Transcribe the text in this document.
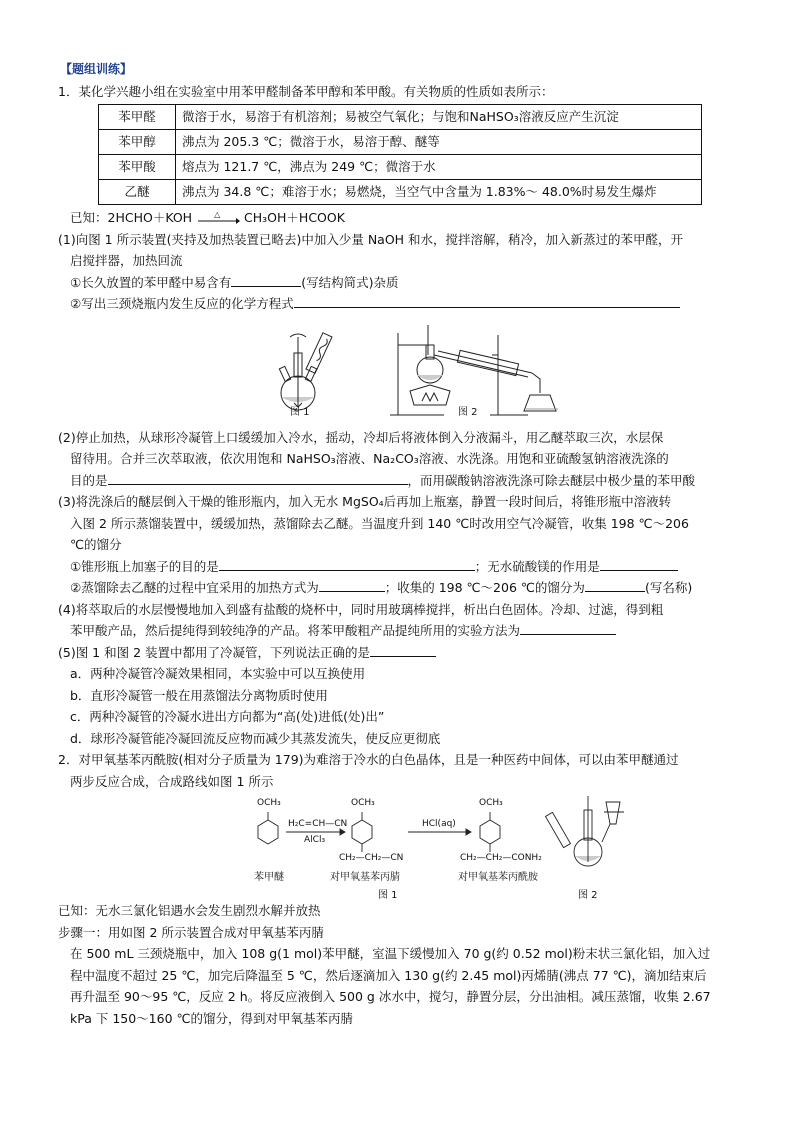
【题组训练】
1．某化学兴趣小组在实验室中用苯甲醛制备苯甲醇和苯甲酸。有关物质的性质如表所示：
苯甲醛	微溶于水，易溶于有机溶剂；易被空气氧化；与饱和NaHSO₃溶液反应产生沉淀
苯甲醇	沸点为 205.3 ℃；微溶于水，易溶于醇、醚等
苯甲酸	熔点为 121.7 ℃，沸点为 249 ℃；微溶于水
乙醚	沸点为 34.8 ℃；难溶于水；易燃烧，当空气中含量为 1.83%～ 48.0%时易发生爆炸
已知：2HCHO＋KOH	△ CH₃OH＋HCOOK
(1)向图 1 所示装置(夹持及加热装置已略去)中加入少量 NaOH 和水，搅拌溶解，稍冷，加入新蒸过的苯甲醛，开
启搅拌器，加热回流
①长久放置的苯甲醛中易含有	(写结构简式)杂质
②写出三颈烧瓶内发生反应的化学方程式
图 1	图 2
(2)停止加热，从球形冷凝管上口缓缓加入冷水，摇动，冷却后将液体倒入分液漏斗，用乙醚萃取三次，水层保
留待用。合并三次萃取液，依次用饱和 NaHSO₃溶液、Na₂CO₃溶液、水洗涤。用饱和亚硫酸氢钠溶液洗涤的
目的是	，而用碳酸钠溶液洗涤可除去醚层中极少量的苯甲酸
(3)将洗涤后的醚层倒入干燥的锥形瓶内，加入无水 MgSO₄后再加上瓶塞，静置一段时间后，将锥形瓶中溶液转
入图 2 所示蒸馏装置中，缓缓加热，蒸馏除去乙醚。当温度升到 140 ℃时改用空气冷凝管，收集 198 ℃～206
℃的馏分
①锥形瓶上加塞子的目的是	；无水硫酸镁的作用是
②蒸馏除去乙醚的过程中宜采用的加热方式为	；收集的 198 ℃～206 ℃的馏分为	(写名称)
(4)将萃取后的水层慢慢地加入到盛有盐酸的烧杯中，同时用玻璃棒搅拌，析出白色固体。冷却、过滤，得到粗
苯甲酸产品，然后提纯得到较纯净的产品。将苯甲酸粗产品提纯所用的实验方法为
(5)图 1 和图 2 装置中都用了冷凝管，下列说法正确的是
a．两种冷凝管冷凝效果相同，本实验中可以互换使用
b．直形冷凝管一般在用蒸馏法分离物质时使用
c．两种冷凝管的冷凝水进出方向都为“高(处)进低(处)出”
d．球形冷凝管能冷凝回流反应物而减少其蒸发流失，使反应更彻底
2．对甲氧基苯丙酰胺(相对分子质量为 179)为难溶于冷水的白色晶体，且是一种医药中间体，可以由苯甲醚通过
两步反应合成，合成路线如图 1 所示
OCH₃	OCH₃	OCH₃
H₂C=CH—CN
AlCl₃
HCl(aq)
CH₂—CH₂—CN	CH₂—CH₂—CONH₂
苯甲醚	对甲氧基苯丙腈	对甲氧基苯丙酰胺
图 1	图 2
已知：无水三氯化铝遇水会发生剧烈水解并放热
步骤一：用如图 2 所示装置合成对甲氧基苯丙腈
在 500 mL 三颈烧瓶中，加入 108 g(1 mol)苯甲醚，室温下缓慢加入 70 g(约 0.52 mol)粉末状三氯化铝，加入过
程中温度不超过 25 ℃，加完后降温至 5 ℃，然后逐滴加入 130 g(约 2.45 mol)丙烯腈(沸点 77 ℃)，滴加结束后
再升温至 90～95 ℃，反应 2 h。将反应液倒入 500 g 冰水中，搅匀，静置分层，分出油相。减压蒸馏，收集 2.67
kPa 下 150～160 ℃的馏分，得到对甲氧基苯丙腈
